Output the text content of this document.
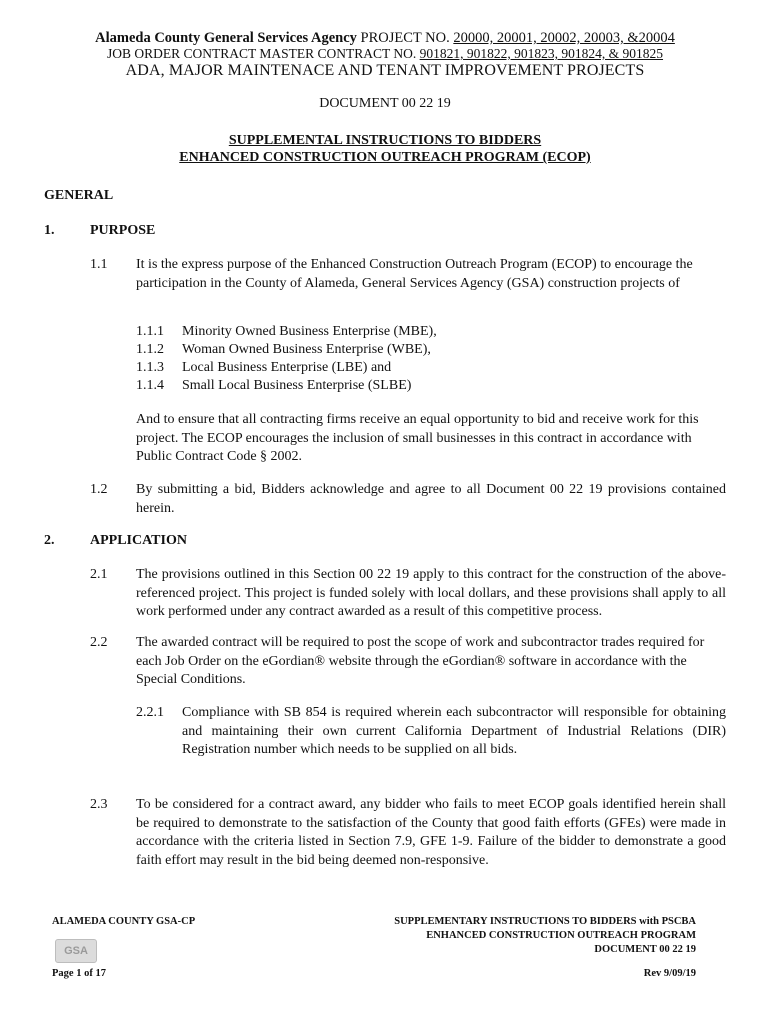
Alameda County General Services Agency PROJECT NO. 20000, 20001, 20002, 20003, &20004
JOB ORDER CONTRACT MASTER CONTRACT NO. 901821, 901822, 901823, 901824, & 901825
ADA, MAJOR MAINTENACE AND TENANT IMPROVEMENT PROJECTS
DOCUMENT 00 22 19
SUPPLEMENTAL INSTRUCTIONS TO BIDDERS
ENHANCED CONSTRUCTION OUTREACH PROGRAM (ECOP)
GENERAL
1.	PURPOSE
1.1 It is the express purpose of the Enhanced Construction Outreach Program (ECOP) to encourage the participation in the County of Alameda, General Services Agency (GSA) construction projects of
1.1.1 Minority Owned Business Enterprise (MBE),
1.1.2 Woman Owned Business Enterprise (WBE),
1.1.3 Local Business Enterprise (LBE) and
1.1.4 Small Local Business Enterprise (SLBE)
And to ensure that all contracting firms receive an equal opportunity to bid and receive work for this project. The ECOP encourages the inclusion of small businesses in this contract in accordance with Public Contract Code § 2002.
1.2 By submitting a bid, Bidders acknowledge and agree to all Document 00 22 19 provisions contained herein.
2.	APPLICATION
2.1 The provisions outlined in this Section 00 22 19 apply to this contract for the construction of the above-referenced project. This project is funded solely with local dollars, and these provisions shall apply to all work performed under any contract awarded as a result of this competitive process.
2.2 The awarded contract will be required to post the scope of work and subcontractor trades required for each Job Order on the eGordian® website through the eGordian® software in accordance with the Special Conditions.
2.2.1 Compliance with SB 854 is required wherein each subcontractor will responsible for obtaining and maintaining their own current California Department of Industrial Relations (DIR) Registration number which needs to be supplied on all bids.
2.3 To be considered for a contract award, any bidder who fails to meet ECOP goals identified herein shall be required to demonstrate to the satisfaction of the County that good faith efforts (GFEs) were made in accordance with the criteria listed in Section 7.9, GFE 1-9. Failure of the bidder to demonstrate a good faith effort may result in the bid being deemed non-responsive.
ALAMEDA COUNTY GSA-CP
GSA
Page 1 of 17
SUPPLEMENTARY INSTRUCTIONS TO BIDDERS with PSCBA
ENHANCED CONSTRUCTION OUTREACH PROGRAM
DOCUMENT 00 22 19
Rev 9/09/19
